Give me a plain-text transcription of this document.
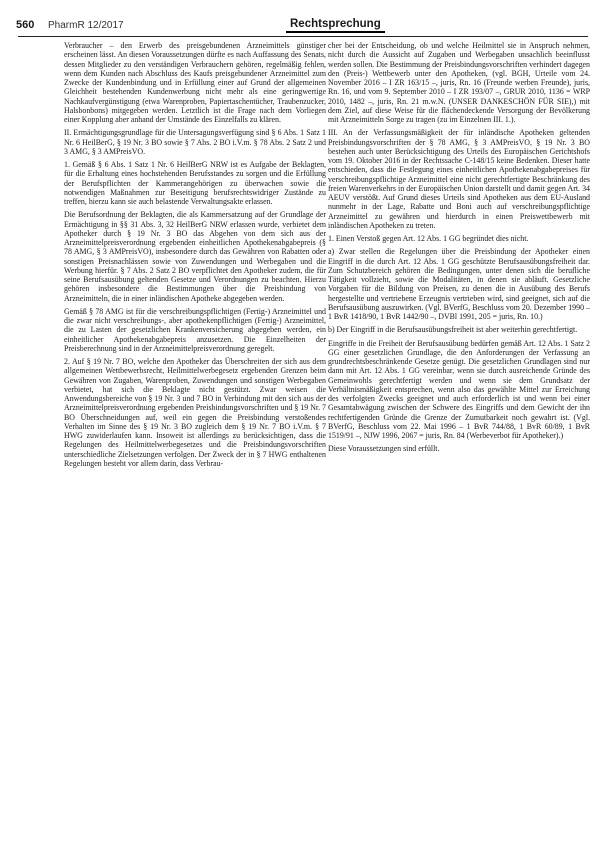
560 PharmR 12/2017	Rechtsprechung

Verbraucher – den Erwerb des preisgebundenen Arzneimittels günstiger erscheinen lässt. An diesen Voraussetzungen dürfte es nach Auffassung des Senats, dessen Mitglieder zu den verständigen Verbrauchern gehören, regelmäßig fehlen, wenn dem Kunden nach Abschluss des Kaufs preisgebundener Arzneimittel zum Zwecke der Kundenbindung und in Erfüllung einer auf Grund der allgemeinen Gleichheit bestehenden Kundenwerbung nicht mehr als eine geringwertige Nachkaufvergünstigung (etwa Warenproben, Papiertaschentücher, Traubenzucker, Halsbonbons) mitgegeben werden. Letztlich ist die Frage nach dem Vorliegen einer Kopplung aber anhand der Umstände des Einzelfalls zu klären.

II. Ermächtigungsgrundlage für die Untersagungsverfügung sind § 6 Abs. 1 Satz 1 Nr. 6 HeilBerG, § 19 Nr. 3 BO sowie § 7 Abs. 2 BO i.V.m. § 78 Abs. 2 Satz 2 und 3 AMG, § 3 AMPreisVO.

1. Gemäß § 6 Abs. 1 Satz 1 Nr. 6 HeilBerG NRW ist es Aufgabe der Beklagten, für die Erhaltung eines hochstehenden Berufsstandes zu sorgen und die Erfüllung der Berufspflichten der Kammerangehörigen zu überwachen sowie die notwendigen Maßnahmen zur Beseitigung berufsrechtswidriger Zustände zu treffen, hierzu kann sie auch belastende Verwaltungsakte erlassen.

Die Berufsordnung der Beklagten, die als Kammersatzung auf der Grundlage der Ermächtigung in §§ 31 Abs. 3, 32 HeilBerG NRW erlassen wurde, verbietet dem Apotheker durch § 19 Nr. 3 BO das Abgehen von dem sich aus der Arzneimittelpreisverordnung ergebenden einheitlichen Apothekenabgabepreis (§ 78 AMG, § 3 AMPreisVO), insbesondere durch das Gewähren von Rabatten oder sonstigen Preisnachlässen sowie von Zuwendungen und Werbegaben und die Werbung hierfür. § 7 Abs. 2 Satz 2 BO verpflichtet den Apotheker zudem, die für seine Berufsausübung geltenden Gesetze und Verordnungen zu beachten. Hierzu gehören insbesondere die Bestimmungen über die Preisbindung von Arzneimitteln, die in einer inländischen Apotheke abgegeben werden.

Gemäß § 78 AMG ist für die verschreibungspflichtigen (Fertig-) Arzneimittel und die zwar nicht verschreibungs-, aber apothekenpflichtigen (Fertig-) Arzneimittel, die zu Lasten der gesetzlichen Krankenversicherung abgegeben werden, ein einheitlicher Apothekenabgabepreis anzusetzen. Die Einzelheiten der Preisberechnung sind in der Arzneimittelpreisverordnung geregelt.

2. Auf § 19 Nr. 7 BO, welche den Apotheker das Überschreiten der sich aus dem allgemeinen Wettbewerbsrecht, Heilmittelwerbegesetz ergebenden Grenzen beim Gewähren von Zugaben, Warenproben, Zuwendungen und sonstigen Werbegaben verbietet, hat sich die Beklagte nicht gestützt. Zwar weisen die Anwendungsbereiche von § 19 Nr. 3 und 7 BO in Verbindung mit den sich aus der Arzneimittelpreisverordnung ergebenden Preisbindungsvorschriften und § 19 Nr. 7 BO Überschneidungen auf, weil ein gegen die Preisbindung verstoßendes Verhalten im Sinne des § 19 Nr. 3 BO zugleich dem § 19 Nr. 7 BO i.V.m. § 7 HWG zuwiderlaufen kann. Insoweit ist allerdings zu berücksichtigen, dass die Regelungen des Heilmittelwerbegesetzes und die Preisbindungsvorschriften unterschiedliche Zielsetzungen verfolgen. Der Zweck der in § 7 HWG enthaltenen Regelungen besteht vor allem darin, dass Verbrau-

cher bei der Entscheidung, ob und welche Heilmittel sie in Anspruch nehmen, nicht durch die Aussicht auf Zugaben und Werbegaben unsachlich beeinflusst werden sollen. Die Bestimmung der Preisbindungsvorschriften verhindert dagegen den (Preis-) Wettbewerb unter den Apotheken, (vgl. BGH, Urteile vom 24. November 2016 – I ZR 163/15 –, juris, Rn. 16 (Freunde werben Freunde), juris, Rn. 16, und vom 9. September 2010 – I ZR 193/07 –, GRUR 2010, 1136 = WRP 2010, 1482 –, juris, Rn. 21 m.w.N. (UNSER DANKESCHÖN FÜR SIE),) mit dem Ziel, auf diese Weise für die flächendeckende Versorgung der Bevölkerung mit Arzneimitteln Sorge zu tragen (zu im Einzelnen III. 1.).

III. An der Verfassungsmäßigkeit der für inländische Apotheken geltenden Preisbindungsvorschriften der § 78 AMG, § 3 AMPreisVO, § 19 Nr. 3 BO bestehen auch unter Berücksichtigung des Urteils des Europäischen Gerichtshofs vom 19. Oktober 2016 in der Rechtssache C-148/15 keine Bedenken. Dieser hatte entschieden, dass die Festlegung eines einheitlichen Apothekenabgabepreises für verschreibungspflichtige Arzneimittel eine nicht gerechtfertigte Beschränkung des freien Warenverkehrs in der Europäischen Union darstellt und damit gegen Art. 34 AEUV verstößt. Auf Grund dieses Urteils sind Apotheken aus dem EU-Ausland nunmehr in der Lage, Rabatte und Boni auch auf verschreibungspflichtige Arzneimittel zu gewähren und hierdurch in einen Preiswettbewerb mit inländischen Apotheken zu treten.

1. Einen Verstoß gegen Art. 12 Abs. 1 GG begründet dies nicht.

a) Zwar stellen die Regelungen über die Preisbindung der Apotheker einen Eingriff in die durch Art. 12 Abs. 1 GG geschützte Berufsausübungsfreiheit dar. Zum Schutzbereich gehören die Bedingungen, unter denen sich die berufliche Tätigkeit vollzieht, sowie die Modalitäten, in denen sie abläuft. Gesetzliche Vorgaben für die Bildung von Preisen, zu denen die in Ausübung des Berufs hergestellte und vertriebene Erzeugnis vertrieben wird, sind geeignet, sich auf die Berufsausübung auszuwirken. (Vgl. BVerfG, Beschluss vom 20. Dezember 1990 – 1 BvR 1418/90, 1 BvR 1442/90 –, DVBl 1991, 205 = juris, Rn. 10.)

b) Der Eingriff in die Berufsausübungsfreiheit ist aber weiterhin gerechtfertigt.

Eingriffe in die Freiheit der Berufsausübung bedürfen gemäß Art. 12 Abs. 1 Satz 2 GG einer gesetzlichen Grundlage, die den Anforderungen der Verfassung an grundrechtsbeschränkende Gesetze genügt. Die gesetzlichen Grundlagen sind nur dann mit Art. 12 Abs. 1 GG vereinbar, wenn sie durch ausreichende Gründe des Gemeinwohls gerechtfertigt werden und wenn sie dem Grundsatz der Verhältnismäßigkeit entsprechen, wenn also das gewählte Mittel zur Erreichung des verfolgten Zwecks geeignet und auch erforderlich ist und wenn bei einer Gesamtabwägung zwischen der Schwere des Eingriffs und dem Gewicht der ihn rechtfertigenden Gründe die Grenze der Zumutbarkeit noch gewahrt ist. (Vgl. BVerfG, Beschluss vom 22. Mai 1996 – 1 BvR 744/88, 1 BvR 60/89, 1 BvR 1519/91 –, NJW 1996, 2067 = juris, Rn. 84 (Werbeverbot für Apotheker).)

Diese Voraussetzungen sind erfüllt.
